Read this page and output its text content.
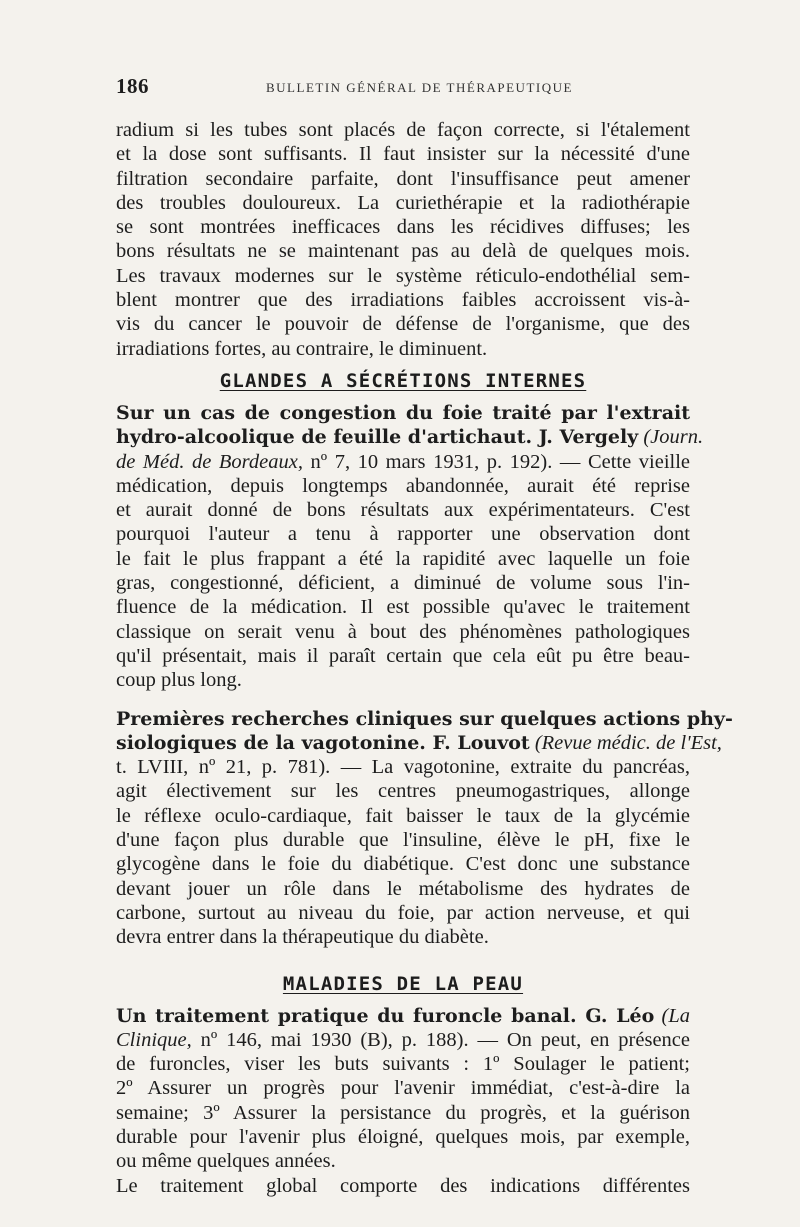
186	BULLETIN GÉNÉRAL DE THÉRAPEUTIQUE
radium si les tubes sont placés de façon correcte, si l'étalement
et la dose sont suffisants. Il faut insister sur la nécessité d'une
filtration secondaire parfaite, dont l'insuffisance peut amener
des troubles douloureux. La curiethérapie et la radiothérapie
se sont montrées inefficaces dans les récidives diffuses; les
bons résultats ne se maintenant pas au delà de quelques mois.
Les travaux modernes sur le système réticulo-endothélial sem-
blent montrer que des irradiations faibles accroissent vis-à-
vis du cancer le pouvoir de défense de l'organisme, que des
irradiations fortes, au contraire, le diminuent.
GLANDES A SÉCRÉTIONS INTERNES
Sur un cas de congestion du foie traité par l'extrait
hydro-alcoolique de feuille d'artichaut. J. Vergely (Journ.
de Méd. de Bordeaux, nº 7, 10 mars 1931, p. 192). — Cette vieille
médication, depuis longtemps abandonnée, aurait été reprise
et aurait donné de bons résultats aux expérimentateurs. C'est
pourquoi l'auteur a tenu à rapporter une observation dont
le fait le plus frappant a été la rapidité avec laquelle un foie
gras, congestionné, déficient, a diminué de volume sous l'in-
fluence de la médication. Il est possible qu'avec le traitement
classique on serait venu à bout des phénomènes pathologiques
qu'il présentait, mais il paraît certain que cela eût pu être beau-
coup plus long.
Premières recherches cliniques sur quelques actions phy-
siologiques de la vagotonine. F. Louvot (Revue médic. de l'Est,
t. LVIII, nº 21, p. 781). — La vagotonine, extraite du pancréas,
agit électivement sur les centres pneumogastriques, allonge
le réflexe oculo-cardiaque, fait baisser le taux de la glycémie
d'une façon plus durable que l'insuline, élève le pH, fixe le
glycogène dans le foie du diabétique. C'est donc une substance
devant jouer un rôle dans le métabolisme des hydrates de
carbone, surtout au niveau du foie, par action nerveuse, et qui
devra entrer dans la thérapeutique du diabète.
MALADIES DE LA PEAU
Un traitement pratique du furoncle banal. G. Léo (La
Clinique, nº 146, mai 1930 (B), p. 188). — On peut, en présence
de furoncles, viser les buts suivants : 1º Soulager le patient;
2º Assurer un progrès pour l'avenir immédiat, c'est-à-dire la
semaine; 3º Assurer la persistance du progrès, et la guérison
durable pour l'avenir plus éloigné, quelques mois, par exemple,
ou même quelques années.
Le traitement global comporte des indications différentes
